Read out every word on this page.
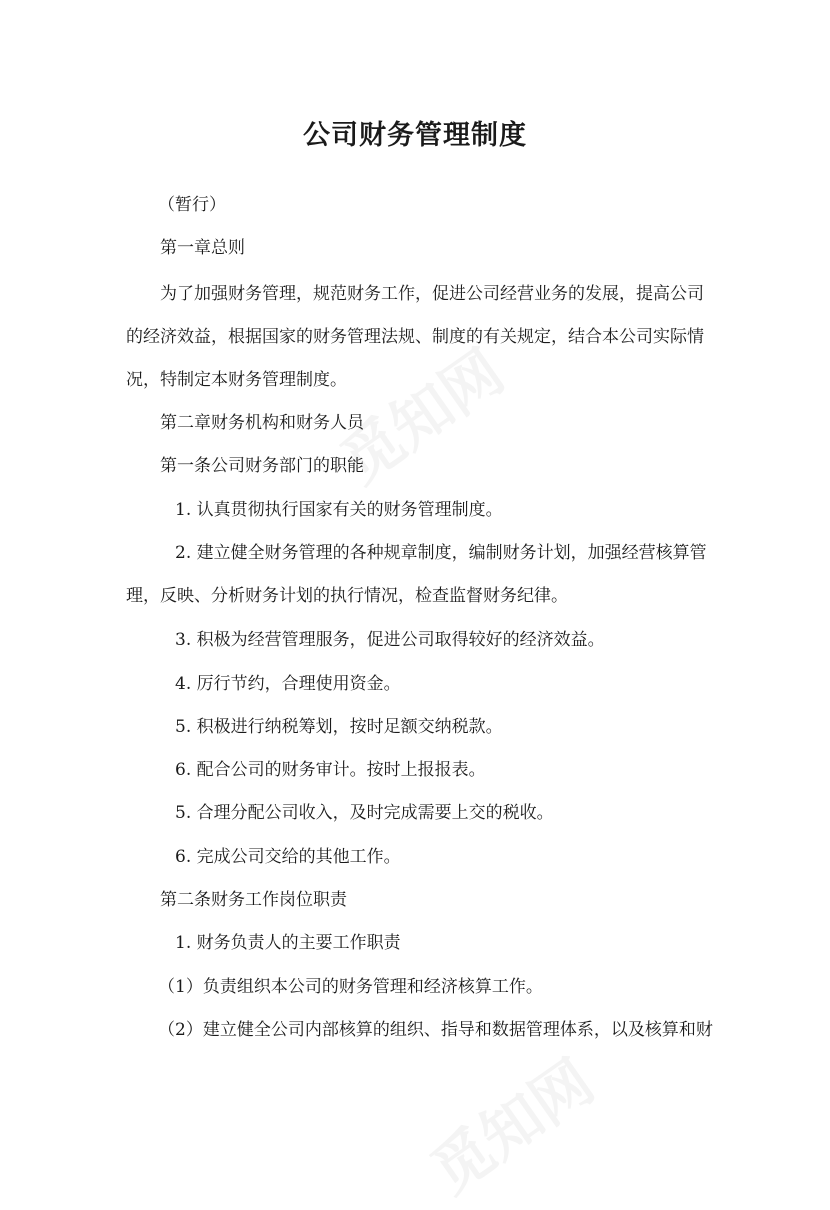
公司财务管理制度
（暂行）
第一章总则
为了加强财务管理，规范财务工作，促进公司经营业务的发展，提高公司
的经济效益，根据国家的财务管理法规、制度的有关规定，结合本公司实际情
况，特制定本财务管理制度。
第二章财务机构和财务人员
第一条公司财务部门的职能
1. 认真贯彻执行国家有关的财务管理制度。
2. 建立健全财务管理的各种规章制度，编制财务计划，加强经营核算管
理，反映、分析财务计划的执行情况，检查监督财务纪律。
3. 积极为经营管理服务，促进公司取得较好的经济效益。
4. 厉行节约，合理使用资金。
5. 积极进行纳税筹划，按时足额交纳税款。
6. 配合公司的财务审计。按时上报报表。
5. 合理分配公司收入，及时完成需要上交的税收。
6. 完成公司交给的其他工作。
第二条财务工作岗位职责
1. 财务负责人的主要工作职责
（1）负责组织本公司的财务管理和经济核算工作。
（2）建立健全公司内部核算的组织、指导和数据管理体系，以及核算和财
